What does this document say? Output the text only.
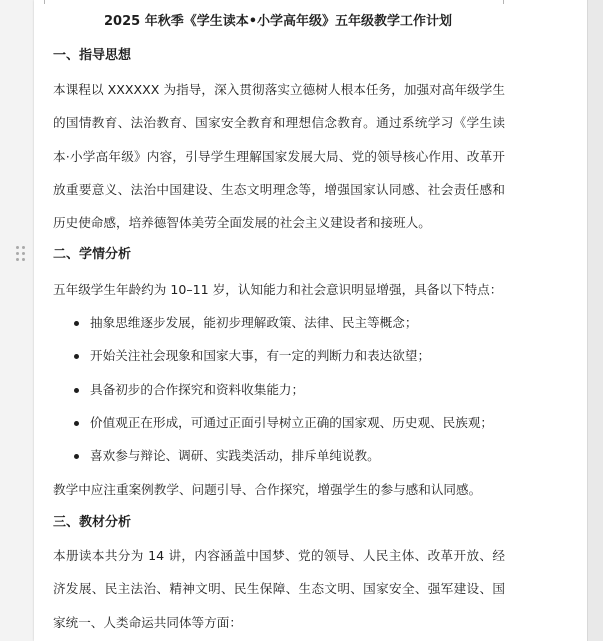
2025 年秋季《学生读本•小学高年级》五年级教学工作计划
一、指导思想
本课程以 XXXXXX 为指导，深入贯彻落实立德树人根本任务，加强对高年级学生的国情教育、法治教育、国家安全教育和理想信念教育。通过系统学习《学生读本·小学高年级》内容，引导学生理解国家发展大局、党的领导核心作用、改革开放重要意义、法治中国建设、生态文明理念等，增强国家认同感、社会责任感和历史使命感，培养德智体美劳全面发展的社会主义建设者和接班人。
二、学情分析
五年级学生年龄约为 10–11 岁，认知能力和社会意识明显增强，具备以下特点：
抽象思维逐步发展，能初步理解政策、法律、民主等概念；
开始关注社会现象和国家大事，有一定的判断力和表达欲望；
具备初步的合作探究和资料收集能力；
价值观正在形成，可通过正面引导树立正确的国家观、历史观、民族观；
喜欢参与辩论、调研、实践类活动，排斥单纯说教。
教学中应注重案例教学、问题引导、合作探究，增强学生的参与感和认同感。
三、教材分析
本册读本共分为 14 讲，内容涵盖中国梦、党的领导、人民主体、改革开放、经济发展、民主法治、精神文明、民生保障、生态文明、国家安全、强军建设、国家统一、人类命运共同体等方面：
